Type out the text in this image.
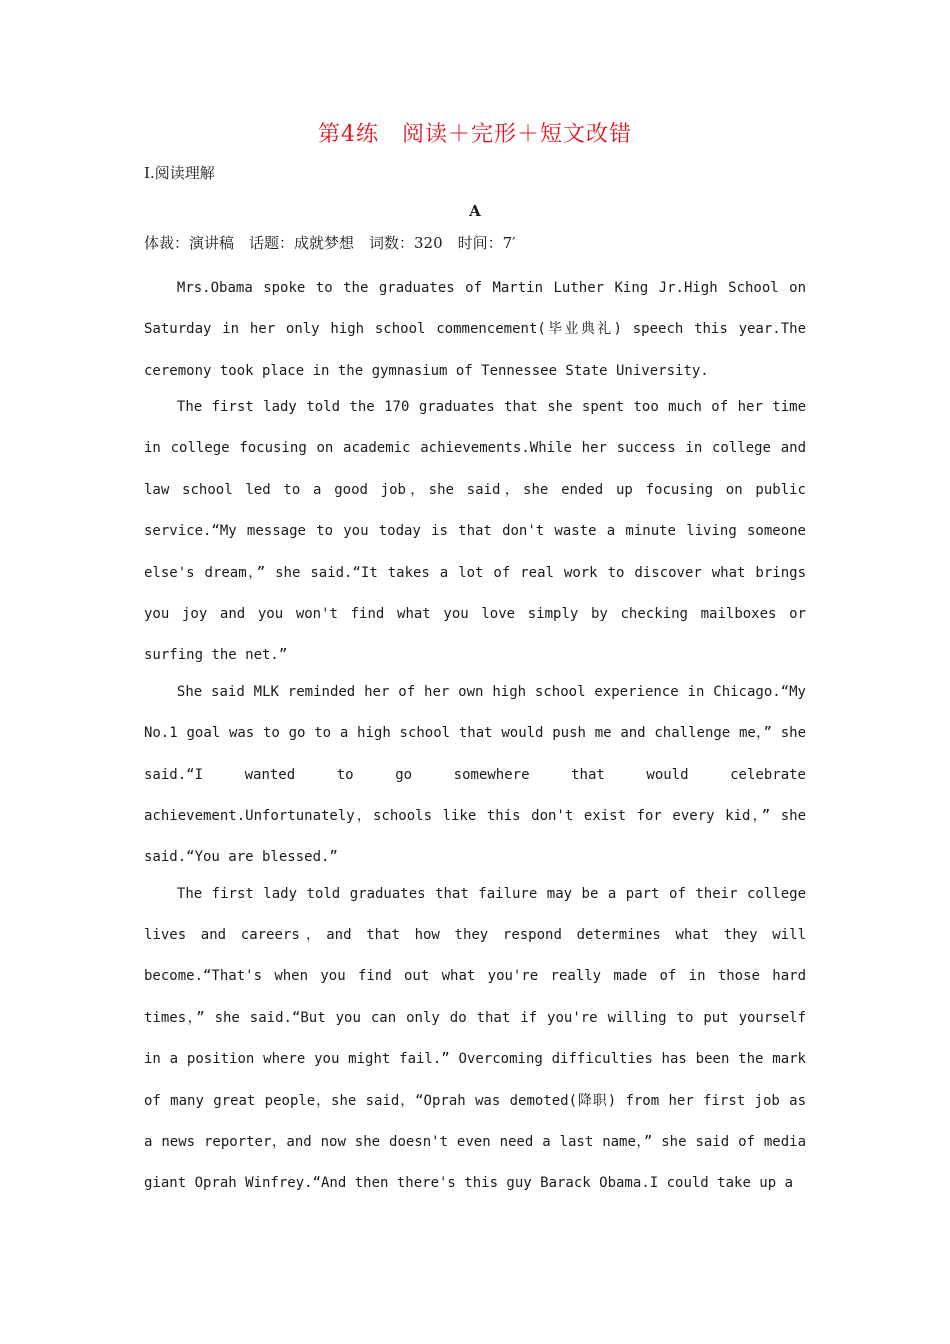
第4练　阅读＋完形＋短文改错
Ⅰ.阅读理解
A
体裁：演讲稿　话题：成就梦想　词数：320　时间：7′

Mrs.Obama spoke to the graduates of Martin Luther King Jr.High School on Saturday in her only high school commencement(毕业典礼) speech this year.The ceremony took place in the gymnasium of Tennessee State University.

The first lady told the 170 graduates that she spent too much of her time in college focusing on academic achievements.While her success in college and law school led to a good job，she said，she ended up focusing on public service.“My message to you today is that don't waste a minute living someone else's dream，” she said.“It takes a lot of real work to discover what brings you joy and you won't find what you love simply by checking mailboxes or surfing the net.”

She said MLK reminded her of her own high school experience in Chicago.“My No.1 goal was to go to a high school that would push me and challenge me，” she said.“I wanted to go somewhere that would celebrate achievement.Unfortunately，schools like this don't exist for every kid，” she said.“You are blessed.”

The first lady told graduates that failure may be a part of their college lives and careers，and that how they respond determines what they will become.“That's when you find out what you're really made of in those hard times，” she said.“But you can only do that if you're willing to put yourself in a position where you might fail.” Overcoming difficulties has been the mark of many great people，she said，“Oprah was demoted(降职) from her first job as a news reporter，and now she doesn't even need a last name，” she said of media giant Oprah Winfrey.“And then there's this guy Barack Obama.I could take up a
